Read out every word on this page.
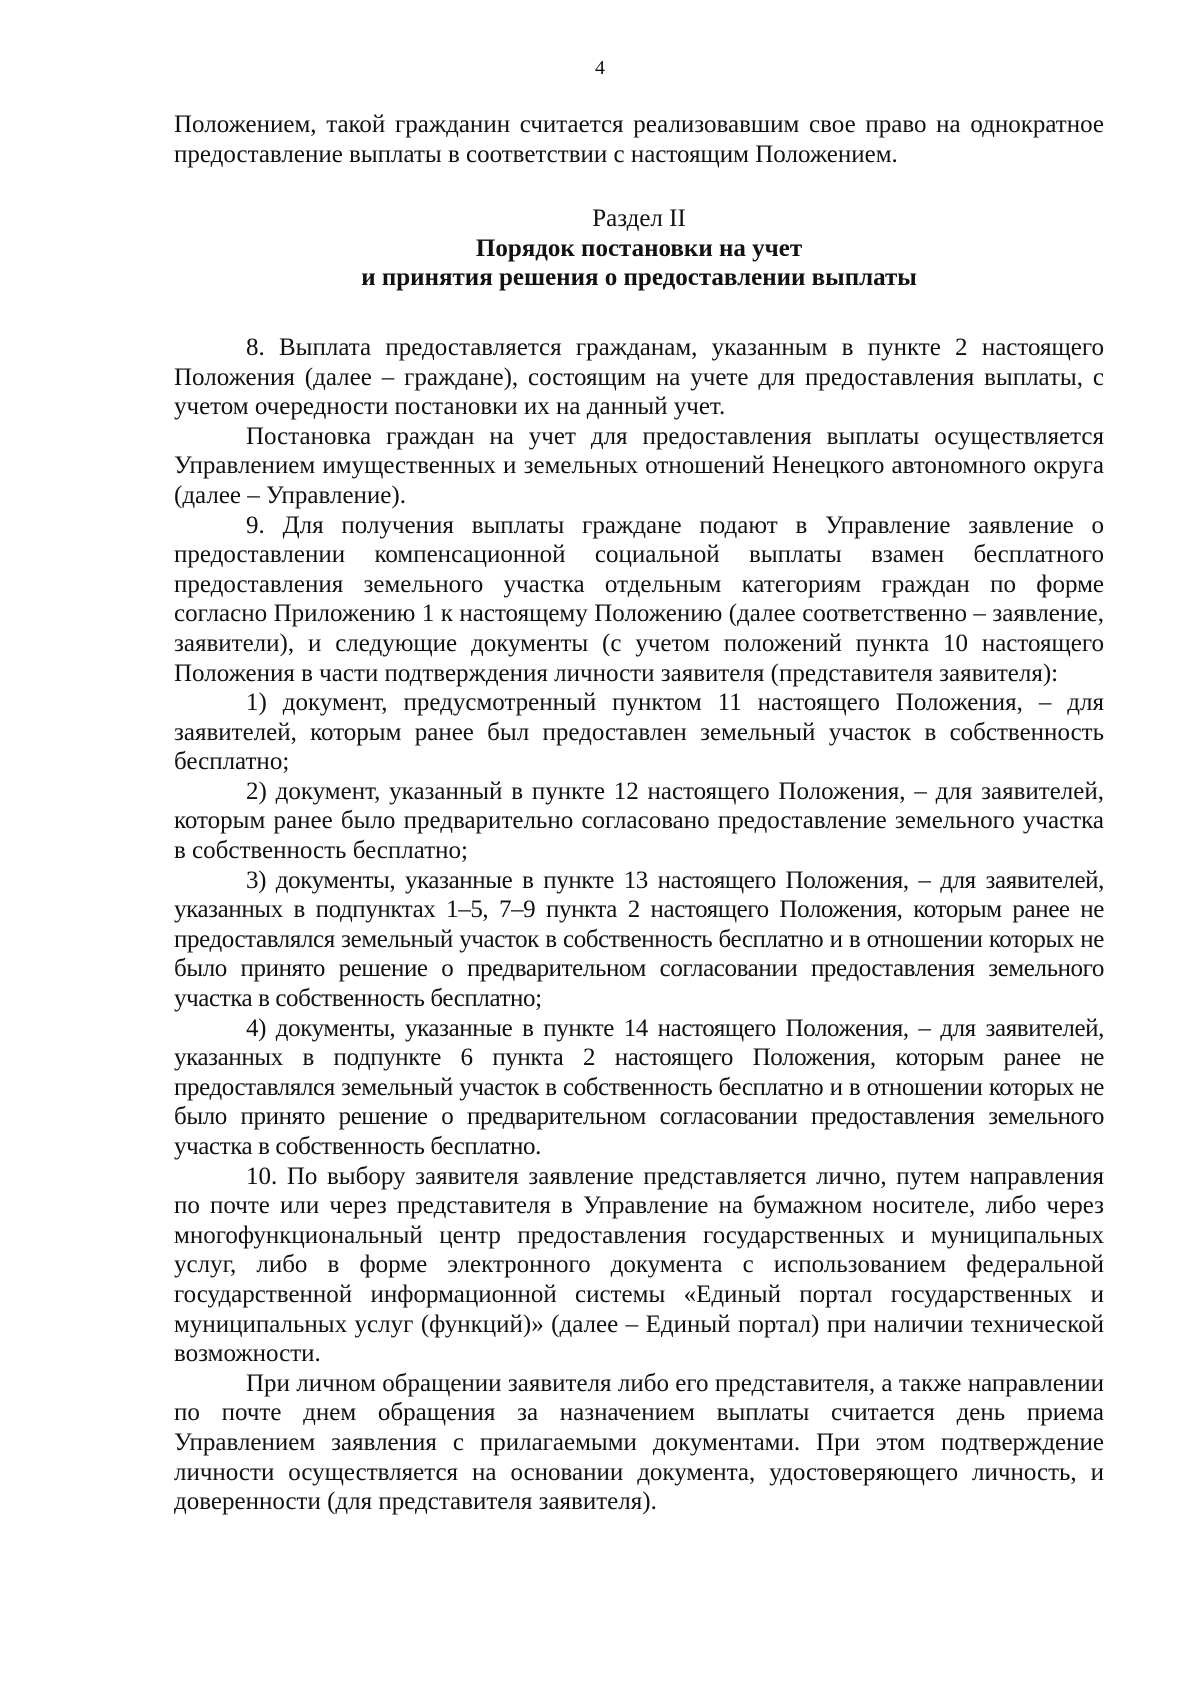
4

Положением, такой гражданин считается реализовавшим свое право на однократное предоставление выплаты в соответствии с настоящим Положением.

Раздел II
Порядок постановки на учет
и принятия решения о предоставлении выплаты

8. Выплата предоставляется гражданам, указанным в пункте 2 настоящего Положения (далее – граждане), состоящим на учете для предоставления выплаты, с учетом очередности постановки их на данный учет.

Постановка граждан на учет для предоставления выплаты осуществляется Управлением имущественных и земельных отношений Ненецкого автономного округа (далее – Управление).

9. Для получения выплаты граждане подают в Управление заявление о предоставлении компенсационной социальной выплаты взамен бесплатного предоставления земельного участка отдельным категориям граждан по форме согласно Приложению 1 к настоящему Положению (далее соответственно – заявление, заявители), и следующие документы (с учетом положений пункта 10 настоящего Положения в части подтверждения личности заявителя (представителя заявителя):

1) документ, предусмотренный пунктом 11 настоящего Положения, – для заявителей, которым ранее был предоставлен земельный участок в собственность бесплатно;

2) документ, указанный в пункте 12 настоящего Положения, – для заявителей, которым ранее было предварительно согласовано предоставление земельного участка в собственность бесплатно;

3) документы, указанные в пункте 13 настоящего Положения, – для заявителей, указанных в подпунктах 1–5, 7–9 пункта 2 настоящего Положения, которым ранее не предоставлялся земельный участок в собственность бесплатно и в отношении которых не было принято решение о предварительном согласовании предоставления земельного участка в собственность бесплатно;

4) документы, указанные в пункте 14 настоящего Положения, – для заявителей, указанных в подпункте 6 пункта 2 настоящего Положения, которым ранее не предоставлялся земельный участок в собственность бесплатно и в отношении которых не было принято решение о предварительном согласовании предоставления земельного участка в собственность бесплатно.

10. По выбору заявителя заявление представляется лично, путем направления по почте или через представителя в Управление на бумажном носителе, либо через многофункциональный центр предоставления государственных и муниципальных услуг, либо в форме электронного документа с использованием федеральной государственной информационной системы «Единый портал государственных и муниципальных услуг (функций)» (далее – Единый портал) при наличии технической возможности.

При личном обращении заявителя либо его представителя, а также направлении по почте днем обращения за назначением выплаты считается день приема Управлением заявления с прилагаемыми документами. При этом подтверждение личности осуществляется на основании документа, удостоверяющего личность, и доверенности (для представителя заявителя).
